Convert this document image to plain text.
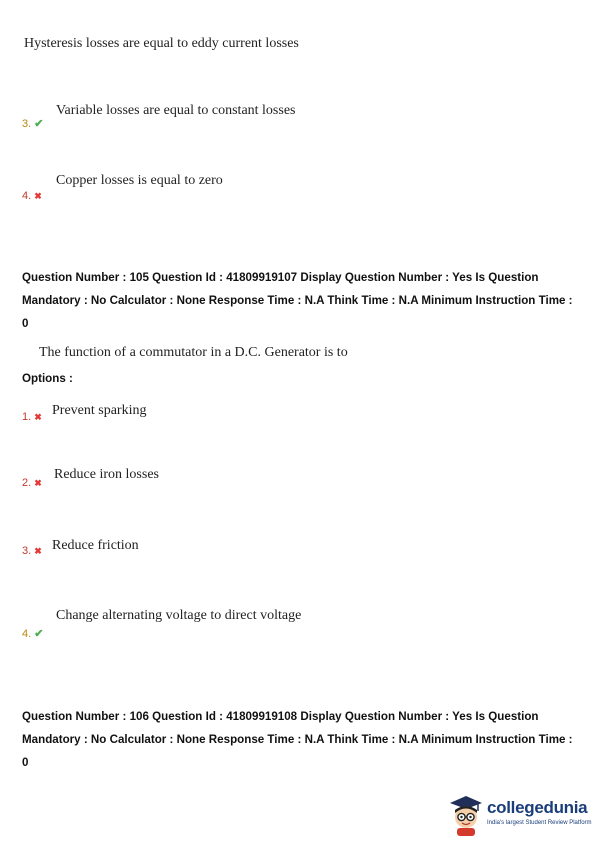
Hysteresis losses are equal to eddy current losses
Variable losses are equal to constant losses
3. ✔
Copper losses is equal to zero
4. ✖
Question Number : 105 Question Id : 41809919107 Display Question Number : Yes Is Question Mandatory : No Calculator : None Response Time : N.A Think Time : N.A Minimum Instruction Time : 0
The function of a commutator in a D.C. Generator is to
Options :
Prevent sparking
1. ✖
Reduce iron losses
2. ✖
Reduce friction
3. ✖
Change alternating voltage to direct voltage
4. ✔
Question Number : 106 Question Id : 41809919108 Display Question Number : Yes Is Question Mandatory : No Calculator : None Response Time : N.A Think Time : N.A Minimum Instruction Time : 0
collegedunia
India's largest Student Review Platform
